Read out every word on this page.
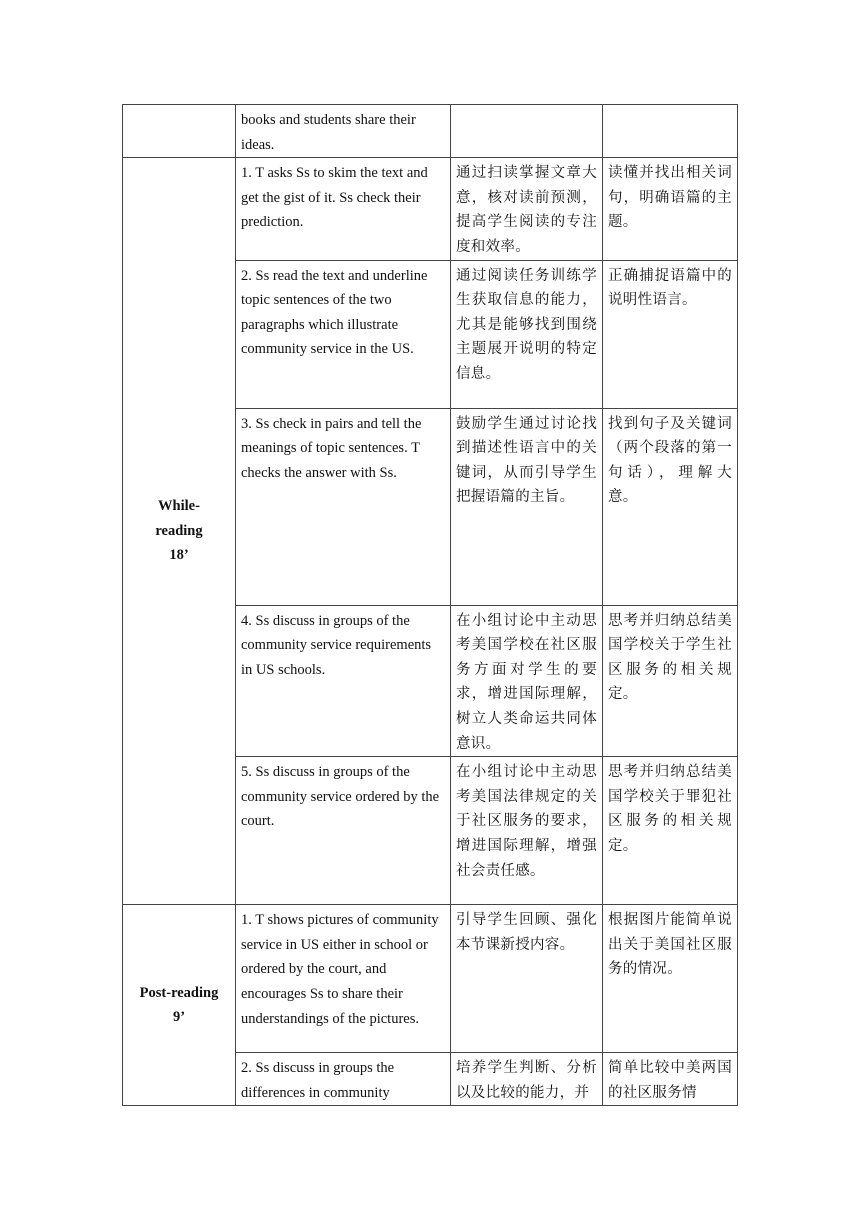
	books and students share their ideas.		

While-
reading
18’	1. T asks Ss to skim the text and get the gist of it. Ss check their prediction.	通过扫读掌握文章大意，核对读前预测，提高学生阅读的专注度和效率。	读懂并找出相关词句，明确语篇的主题。
	2. Ss read the text and underline topic sentences of the two paragraphs which illustrate community service in the US.	通过阅读任务训练学生获取信息的能力，尤其是能够找到围绕主题展开说明的特定信息。	正确捕捉语篇中的说明性语言。
	3. Ss check in pairs and tell the meanings of topic sentences. T checks the answer with Ss.	鼓励学生通过讨论找到描述性语言中的关键词，从而引导学生把握语篇的主旨。	找到句子及关键词（两个段落的第一句话），理解大意。
	4. Ss discuss in groups of the community service requirements in US schools.	在小组讨论中主动思考美国学校在社区服务方面对学生的要求，增进国际理解，树立人类命运共同体意识。	思考并归纳总结美国学校关于学生社区服务的相关规定。
	5. Ss discuss in groups of the community service ordered by the court.	在小组讨论中主动思考美国法律规定的关于社区服务的要求，增进国际理解，增强社会责任感。	思考并归纳总结美国学校关于罪犯社区服务的相关规定。

Post-reading
9’	1. T shows pictures of community service in US either in school or ordered by the court, and encourages Ss to share their understandings of the pictures.	引导学生回顾、强化本节课新授内容。	根据图片能简单说出关于美国社区服务的情况。
	2. Ss discuss in groups the differences in community	培养学生判断、分析以及比较的能力，并	简单比较中美两国的社区服务情
